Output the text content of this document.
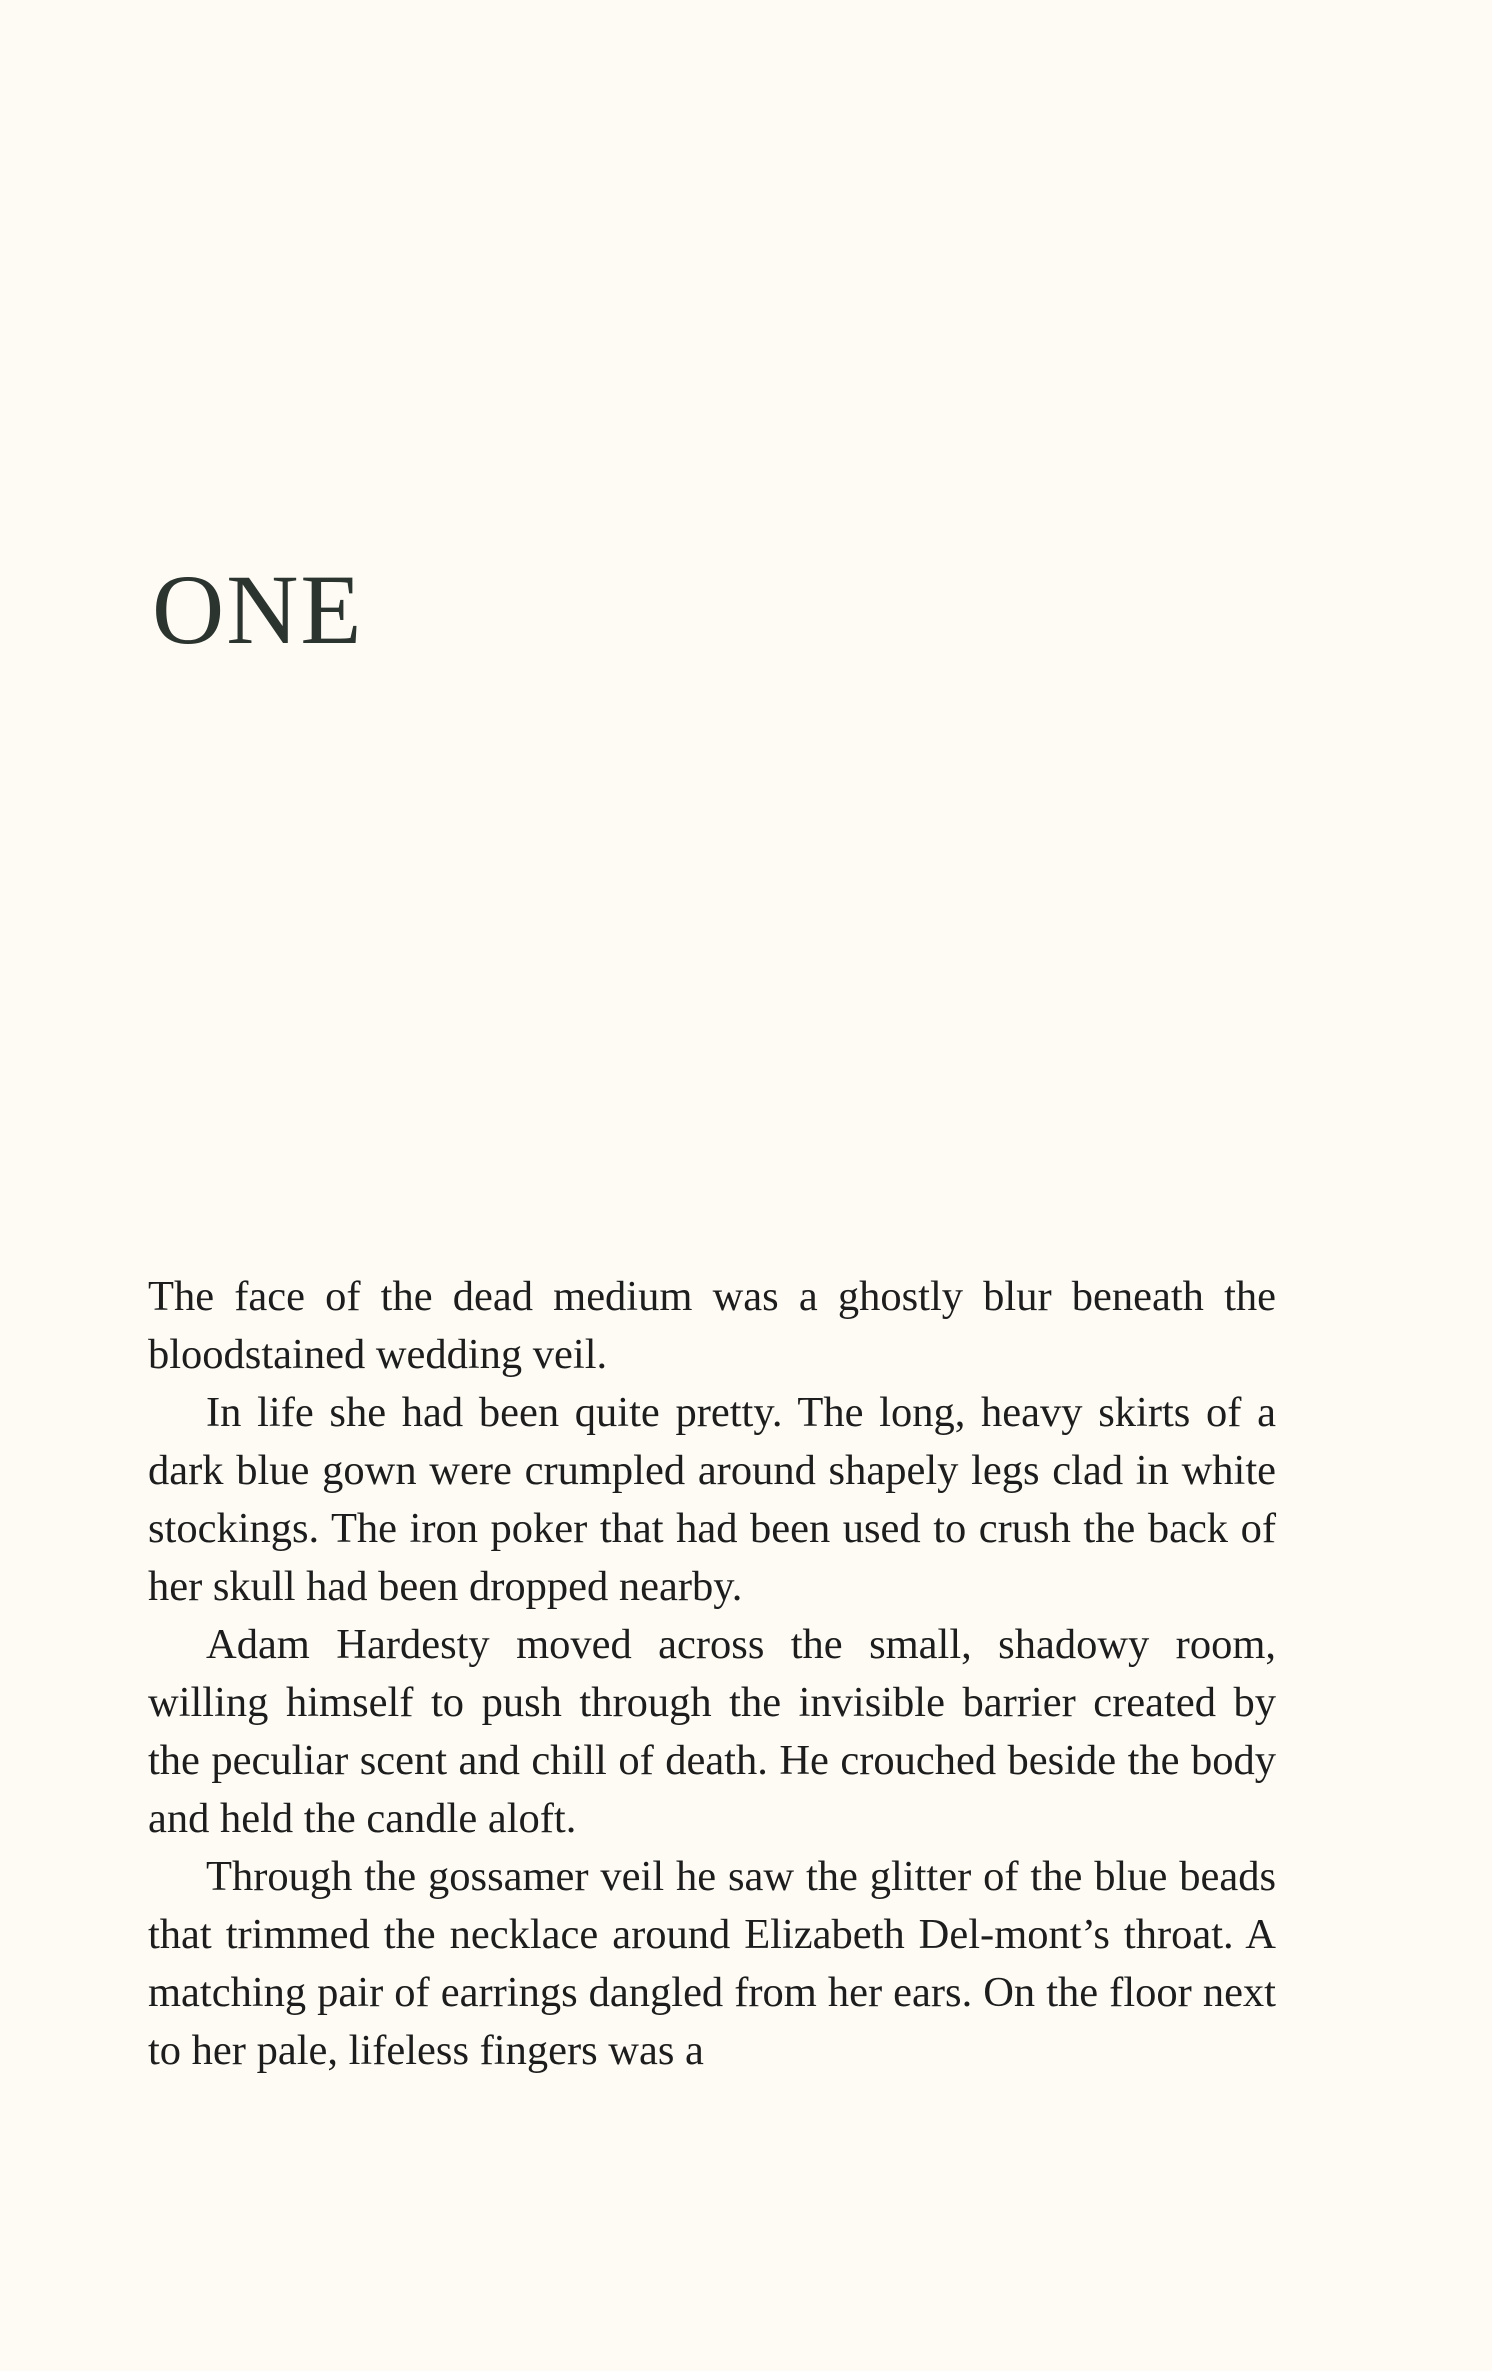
ONE

The face of the dead medium was a ghostly blur beneath the bloodstained wedding veil.

In life she had been quite pretty. The long, heavy skirts of a dark blue gown were crumpled around shapely legs clad in white stockings. The iron poker that had been used to crush the back of her skull had been dropped nearby.

Adam Hardesty moved across the small, shadowy room, willing himself to push through the invisible barrier created by the peculiar scent and chill of death. He crouched beside the body and held the candle aloft.

Through the gossamer veil he saw the glitter of the blue beads that trimmed the necklace around Elizabeth Del-mont’s throat. A matching pair of earrings dangled from her ears. On the floor next to her pale, lifeless fingers was a
